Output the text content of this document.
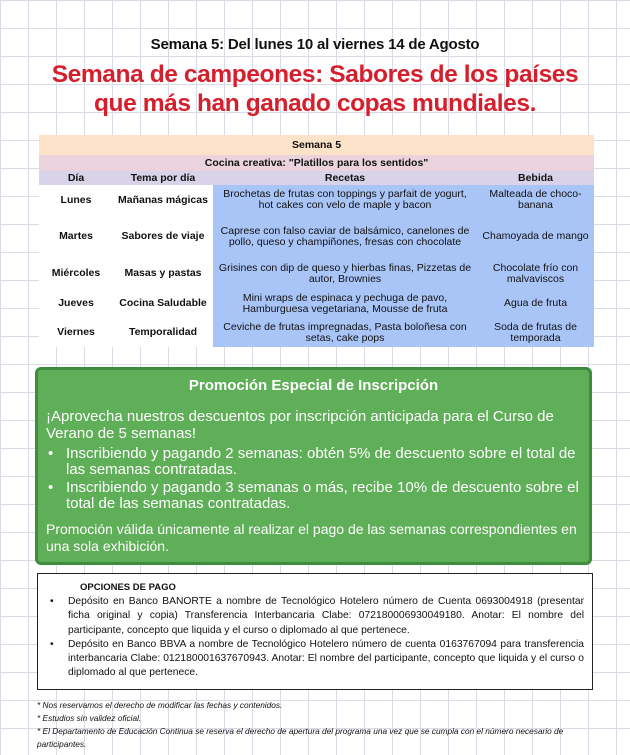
Semana 5: Del lunes 10 al viernes 14 de Agosto
Semana de campeones: Sabores de los países
que más han ganado copas mundiales.
Semana 5			
Cocina creativa: "Platillos para los sentidos"			
Día	Tema por día	Recetas	Bebida
Lunes	Mañanas mágicas	Brochetas de frutas con toppings y parfait de yogurt, hot cakes con velo de maple y bacon	Malteada de choco-banana
Martes	Sabores de viaje	Caprese con falso caviar de balsámico, canelones de pollo, queso y champiñones, fresas con chocolate	Chamoyada de mango
Miércoles	Masas y pastas	Grisines con dip de queso y hierbas finas, Pizzetas de autor, Brownies	Chocolate frío con malvaviscos
Jueves	Cocina Saludable	Mini wraps de espinaca y pechuga de pavo, Hamburguesa vegetariana, Mousse de fruta	Agua de fruta
Viernes	Temporalidad	Ceviche de frutas impregnadas, Pasta boloñesa con setas, cake pops	Soda de frutas de temporada
Promoción Especial de Inscripción
¡Aprovecha nuestros descuentos por inscripción anticipada para el Curso de Verano de 5 semanas!
• Inscribiendo y pagando 2 semanas: obtén 5% de descuento sobre el total de las semanas contratadas.
• Inscribiendo y pagando 3 semanas o más, recibe 10% de descuento sobre el total de las semanas contratadas.
Promoción válida únicamente al realizar el pago de las semanas correspondientes en una sola exhibición.
OPCIONES DE PAGO
• Depósito en Banco BANORTE a nombre de Tecnológico Hotelero número de Cuenta 0693004918 (presentar ficha original y copia) Transferencia Interbancaria Clabe: 072180006930049180. Anotar: El nombre del participante, concepto que liquida y el curso o diplomado al que pertenece.
• Depósito en Banco BBVA a nombre de Tecnológico Hotelero número de cuenta 0163767094 para transferencia interbancaria Clabe: 012180001637670943. Anotar: El nombre del participante, concepto que liquida y el curso o diplomado al que pertenece.
* Nos reservamos el derecho de modificar las fechas y contenidos.
* Estudios sin validez oficial.
* El Departamento de Educación Continua se reserva el derecho de apertura del programa una vez que se cumpla con el número necesario de participantes.
